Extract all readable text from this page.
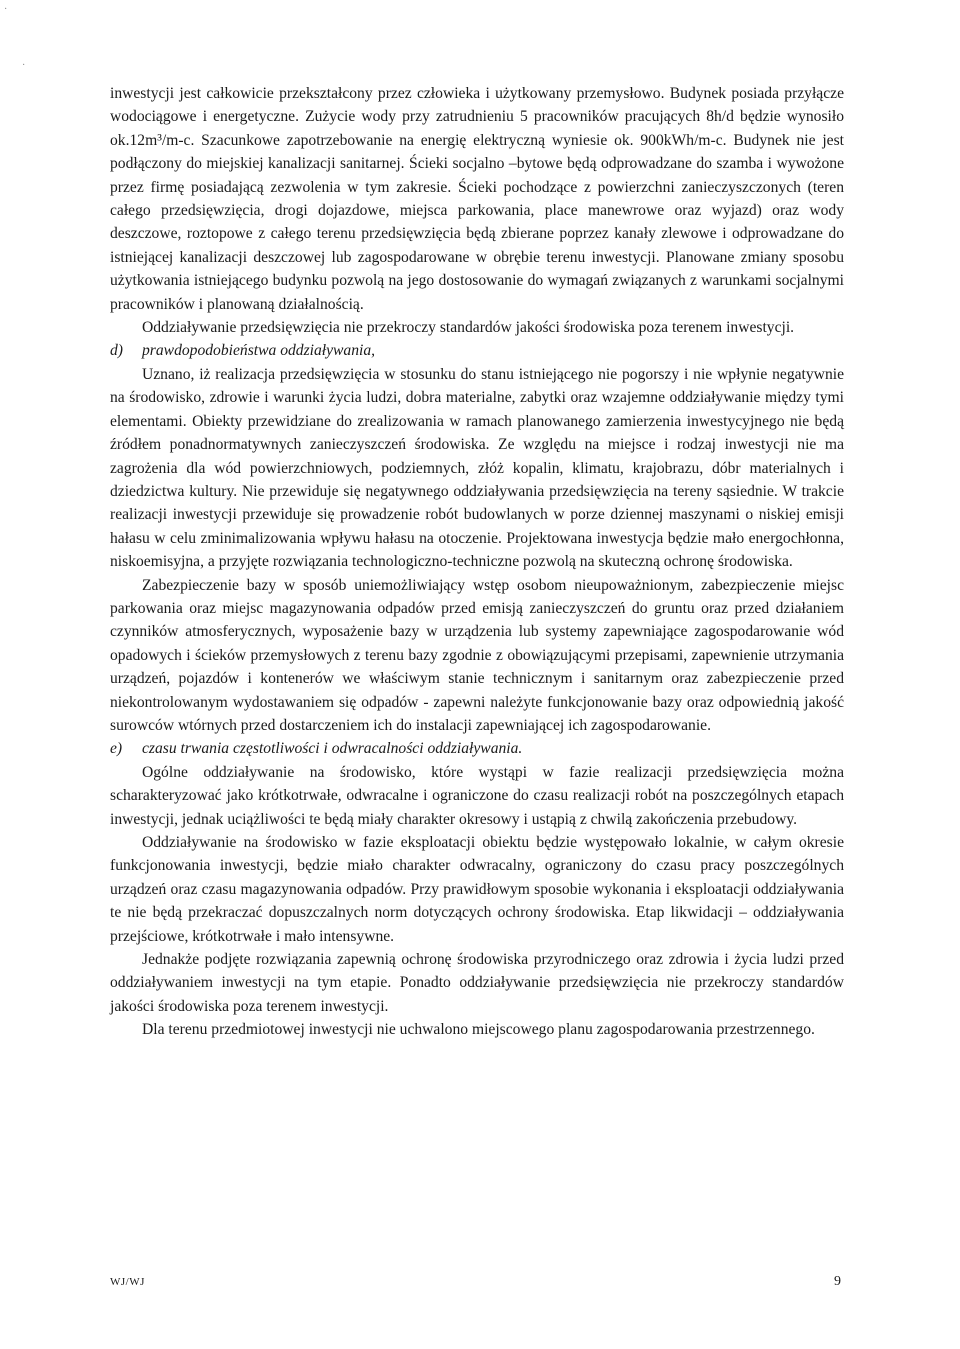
·
·

inwestycji jest całkowicie przekształcony przez człowieka i użytkowany przemysłowo. Budynek posiada przyłącze wodociągowe i energetyczne. Zużycie wody przy zatrudnieniu 5 pracowników pracujących 8h/d będzie wynosiło ok.12m³/m-c. Szacunkowe zapotrzebowanie na energię elektryczną wyniesie ok. 900kWh/m-c. Budynek nie jest podłączony do miejskiej kanalizacji sanitarnej. Ścieki socjalno –bytowe będą odprowadzane do szamba i wywożone przez firmę posiadającą zezwolenia w tym zakresie. Ścieki pochodzące z powierzchni zanieczyszczonych (teren całego przedsięwzięcia, drogi dojazdowe, miejsca parkowania, place manewrowe oraz wyjazd) oraz wody deszczowe, roztopowe z całego terenu przedsięwzięcia będą zbierane poprzez kanały zlewowe i odprowadzane do istniejącej kanalizacji deszczowej lub zagospodarowane w obrębie terenu inwestycji. Planowane zmiany sposobu użytkowania istniejącego budynku pozwolą na jego dostosowanie do wymagań związanych z warunkami socjalnymi pracowników i planowaną działalnością.

Oddziaływanie przedsięwzięcia nie przekroczy standardów jakości środowiska poza terenem inwestycji.

d) prawdopodobieństwa oddziaływania,

Uznano, iż realizacja przedsięwzięcia w stosunku do stanu istniejącego nie pogorszy i nie wpłynie negatywnie na środowisko, zdrowie i warunki życia ludzi, dobra materialne, zabytki oraz wzajemne oddziaływanie między tymi elementami. Obiekty przewidziane do zrealizowania w ramach planowanego zamierzenia inwestycyjnego nie będą źródłem ponadnormatywnych zanieczyszczeń środowiska. Ze względu na miejsce i rodzaj inwestycji nie ma zagrożenia dla wód powierzchniowych, podziemnych, złóż kopalin, klimatu, krajobrazu, dóbr materialnych i dziedzictwa kultury. Nie przewiduje się negatywnego oddziaływania przedsięwzięcia na tereny sąsiednie. W trakcie realizacji inwestycji przewiduje się prowadzenie robót budowlanych w porze dziennej maszynami o niskiej emisji hałasu w celu zminimalizowania wpływu hałasu na otoczenie. Projektowana inwestycja będzie mało energochłonna, niskoemisyjna, a przyjęte rozwiązania technologiczno-techniczne pozwolą na skuteczną ochronę środowiska.

Zabezpieczenie bazy w sposób uniemożliwiający wstęp osobom nieupoważnionym, zabezpieczenie miejsc parkowania oraz miejsc magazynowania odpadów przed emisją zanieczyszczeń do gruntu oraz przed działaniem czynników atmosferycznych, wyposażenie bazy w urządzenia lub systemy zapewniające zagospodarowanie wód opadowych i ścieków przemysłowych z terenu bazy zgodnie z obowiązującymi przepisami, zapewnienie utrzymania urządzeń, pojazdów i kontenerów we właściwym stanie technicznym i sanitarnym oraz zabezpieczenie przed niekontrolowanym wydostawaniem się odpadów - zapewni należyte funkcjonowanie bazy oraz odpowiednią jakość surowców wtórnych przed dostarczeniem ich do instalacji zapewniającej ich zagospodarowanie.

e) czasu trwania częstotliwości i odwracalności oddziaływania.

Ogólne oddziaływanie na środowisko, które wystąpi w fazie realizacji przedsięwzięcia można scharakteryzować jako krótkotrwałe, odwracalne i ograniczone do czasu realizacji robót na poszczególnych etapach inwestycji, jednak uciążliwości te będą miały charakter okresowy i ustąpią z chwilą zakończenia przebudowy.

Oddziaływanie na środowisko w fazie eksploatacji obiektu będzie występowało lokalnie, w całym okresie funkcjonowania inwestycji, będzie miało charakter odwracalny, ograniczony do czasu pracy poszczególnych urządzeń oraz czasu magazynowania odpadów. Przy prawidłowym sposobie wykonania i eksploatacji oddziaływania te nie będą przekraczać dopuszczalnych norm dotyczących ochrony środowiska. Etap likwidacji – oddziaływania przejściowe, krótkotrwałe i mało intensywne.

Jednakże podjęte rozwiązania zapewnią ochronę środowiska przyrodniczego oraz zdrowia i życia ludzi przed oddziaływaniem inwestycji na tym etapie. Ponadto oddziaływanie przedsięwzięcia nie przekroczy standardów jakości środowiska poza terenem inwestycji.

Dla terenu przedmiotowej inwestycji nie uchwalono miejscowego planu zagospodarowania przestrzennego.

WJ/WJ	9
